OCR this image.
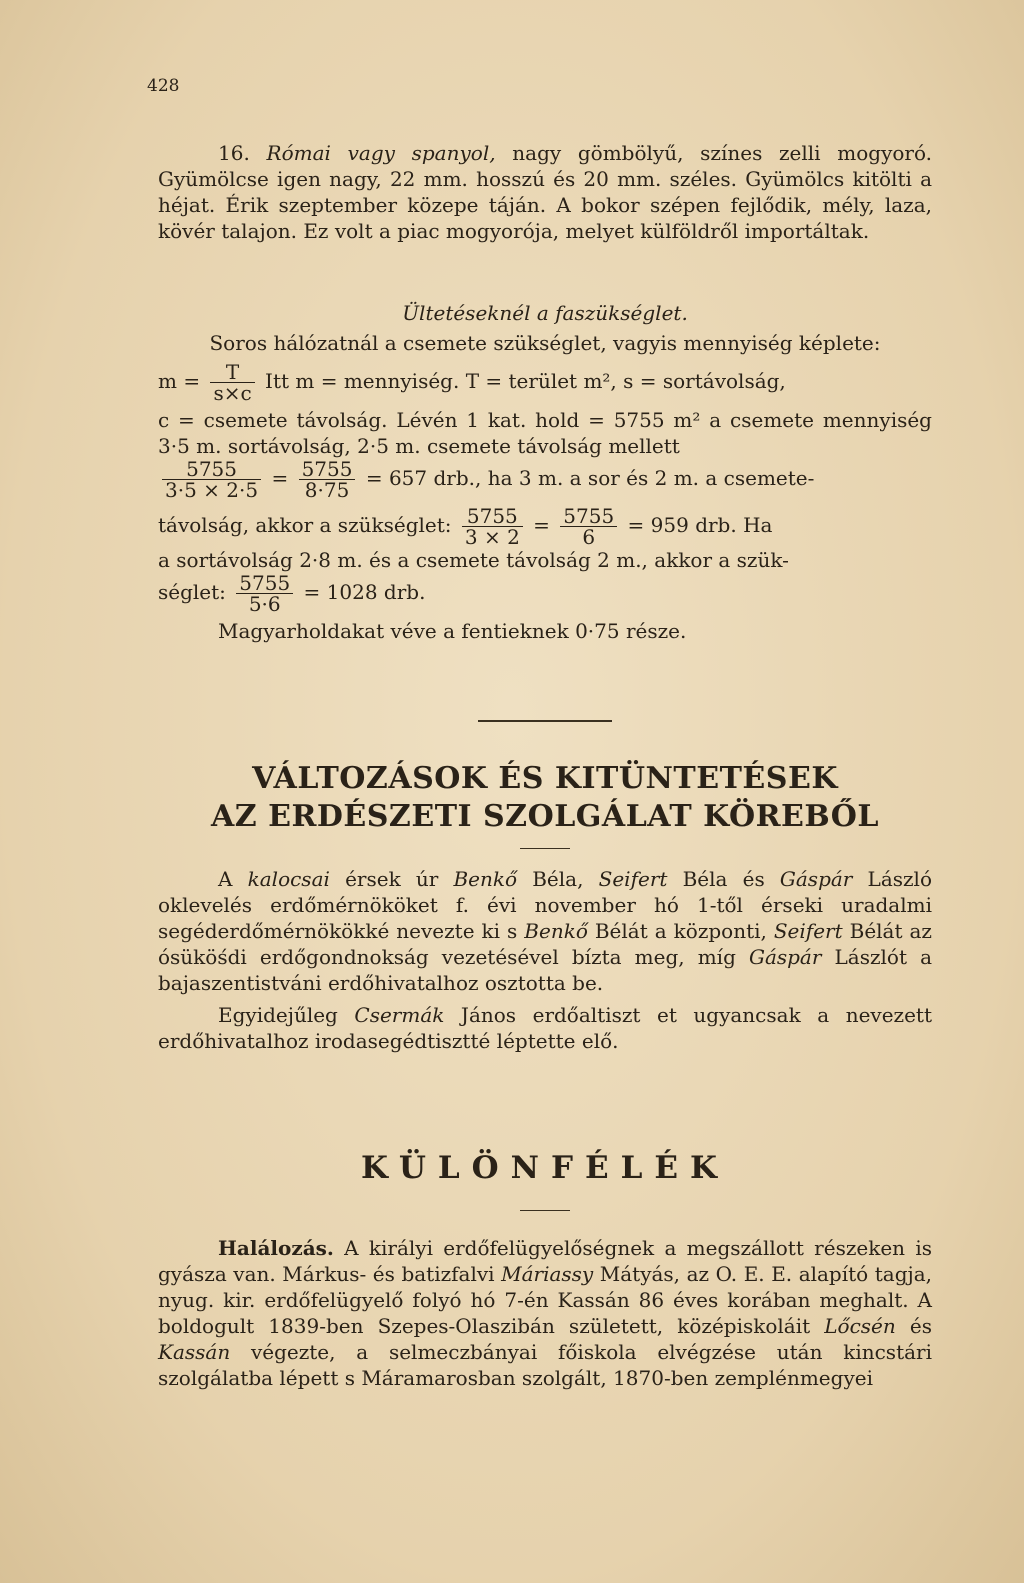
428

16. Római vagy spanyol, nagy gömbölyű, színes zelli mogyoró. Gyümölcse igen nagy, 22 mm. hosszú és 20 mm. széles. Gyümölcs kitölti a héjat. Érik szeptember közepe táján. A bokor szépen fejlődik, mély, laza, kövér talajon. Ez volt a piac mogyorója, melyet külföldről importáltak.

Ültetéseknél a faszükséglet.

Soros hálózatnál a csemete szükséglet, vagyis mennyiség képlete:

$m = \frac{T}{s\times c}$ Itt m = mennyiség. T = terület m², s = sortávolság,

c = csemete távolság. Lévén 1 kat. hold = 5755 m² a csemete mennyiség 3·5 m. sortávolság, 2·5 m. csemete távolság mellett

$\frac{5755}{3\cdot 5 \times 2\cdot 5} = \frac{5755}{8\cdot 75} = 657$ drb., ha 3 m. a sor és 2 m. a csemete-

távolság, akkor a szükséglet: $\frac{5755}{3 \times 2} = \frac{5755}{6} = 959$ drb. Ha

a sortávolság 2·8 m. és a csemete távolság 2 m., akkor a szük-

séglet: $\frac{5755}{5\cdot 6} = 1028$ drb.

Magyarholdakat véve a fentieknek 0·75 része.

VÁLTOZÁSOK ÉS KITÜNTETÉSEK
AZ ERDÉSZETI SZOLGÁLAT KÖREBŐL

A kalocsai érsek úr Benkő Béla, Seifert Béla és Gáspár László oklevelés erdőmérnököket f. évi november hó 1-től érseki uradalmi segéderdőmérnökökké nevezte ki s Benkő Bélát a központi, Seifert Bélát az ósüköśdi erdőgondnokság vezetésével bízta meg, míg Gáspár Lászlót a bajaszentistváni erdőhivatalhoz osztotta be.

Egyidejűleg Csermák János erdőaltiszt et ugyancsak a nevezett erdőhivatalhoz irodasegédtisztté léptette elő.

KÜLÖNFÉLÉK

Halálozás. A királyi erdőfelügyelőségnek a megszállott részeken is gyásza van. Márkus- és batizfalvi Máriassy Mátyás, az O. E. E. alapító tagja, nyug. kir. erdőfelügyelő folyó hó 7-én Kassán 86 éves korában meghalt. A boldogult 1839-ben Szepes-Olaszibán született, középiskoláit Lőcsén és Kassán végezte, a selmeczbányai főiskola elvégzése után kincstári szolgálatba lépett s Máramarosban szolgált, 1870-ben zemplénmegyei
